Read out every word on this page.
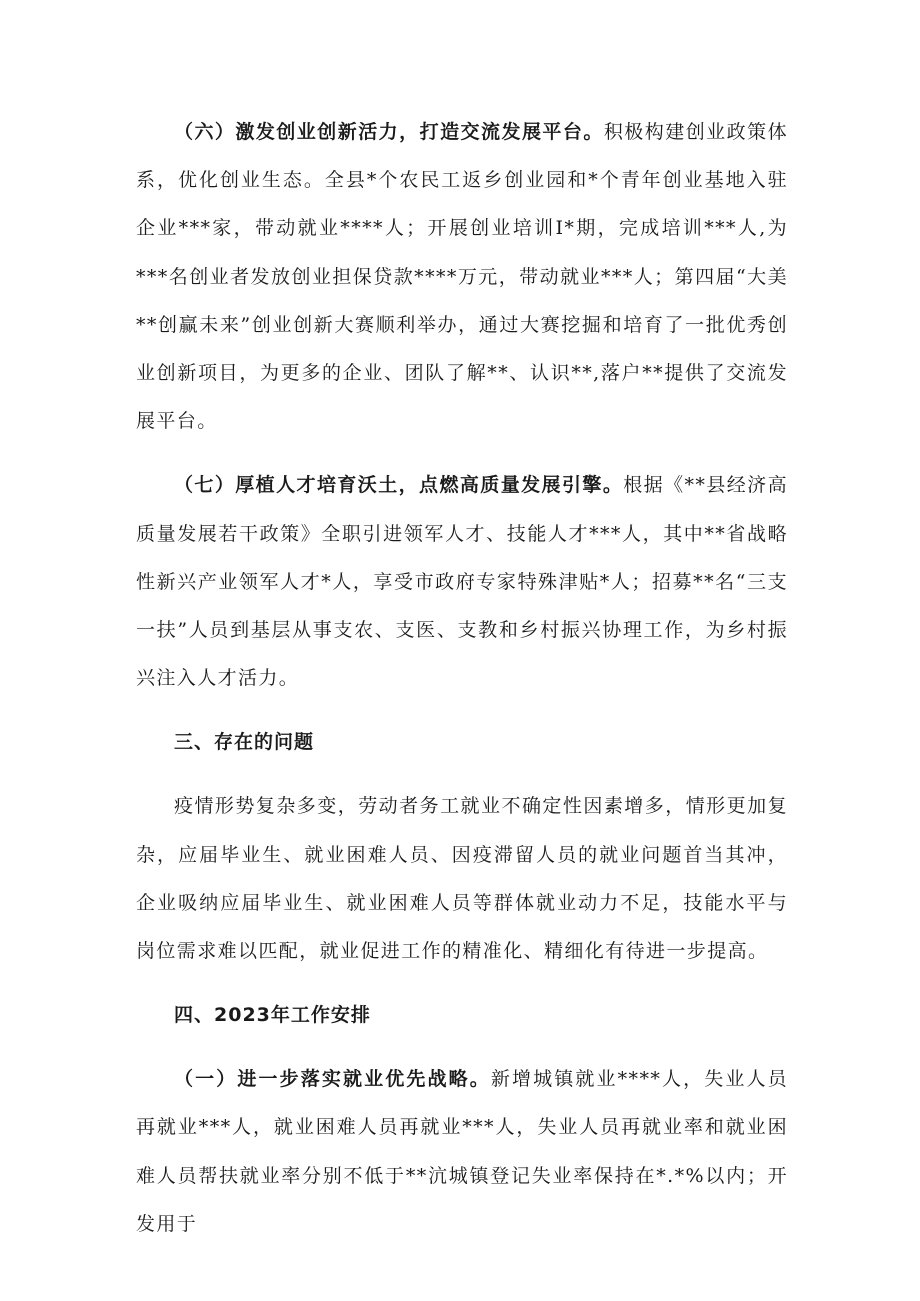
（六）激发创业创新活力，打造交流发展平台。积极构建创业政策体系，优化创业生态。全县*个农民工返乡创业园和*个青年创业基地入驻企业***家，带动就业****人；开展创业培训I*期，完成培训***人,为***名创业者发放创业担保贷款****万元，带动就业***人；第四届“大美**创赢未来”创业创新大赛顺利举办，通过大赛挖掘和培育了一批优秀创业创新项目，为更多的企业、团队了解**、认识**,落户**提供了交流发展平台。

（七）厚植人才培育沃土，点燃高质量发展引擎。根据《**县经济高质量发展若干政策》全职引进领军人才、技能人才***人，其中**省战略性新兴产业领军人才*人，享受市政府专家特殊津贴*人；招募**名“三支一扶”人员到基层从事支农、支医、支教和乡村振兴协理工作，为乡村振兴注入人才活力。

三、存在的问题

疫情形势复杂多变，劳动者务工就业不确定性因素增多，情形更加复杂，应届毕业生、就业困难人员、因疫滞留人员的就业问题首当其冲，企业吸纳应届毕业生、就业困难人员等群体就业动力不足，技能水平与岗位需求难以匹配，就业促进工作的精准化、精细化有待进一步提高。

四、2023年工作安排

（一）进一步落实就业优先战略。新增城镇就业****人，失业人员再就业***人，就业困难人员再就业***人，失业人员再就业率和就业困难人员帮扶就业率分别不低于**沆城镇登记失业率保持在*.*%以内；开发用于
